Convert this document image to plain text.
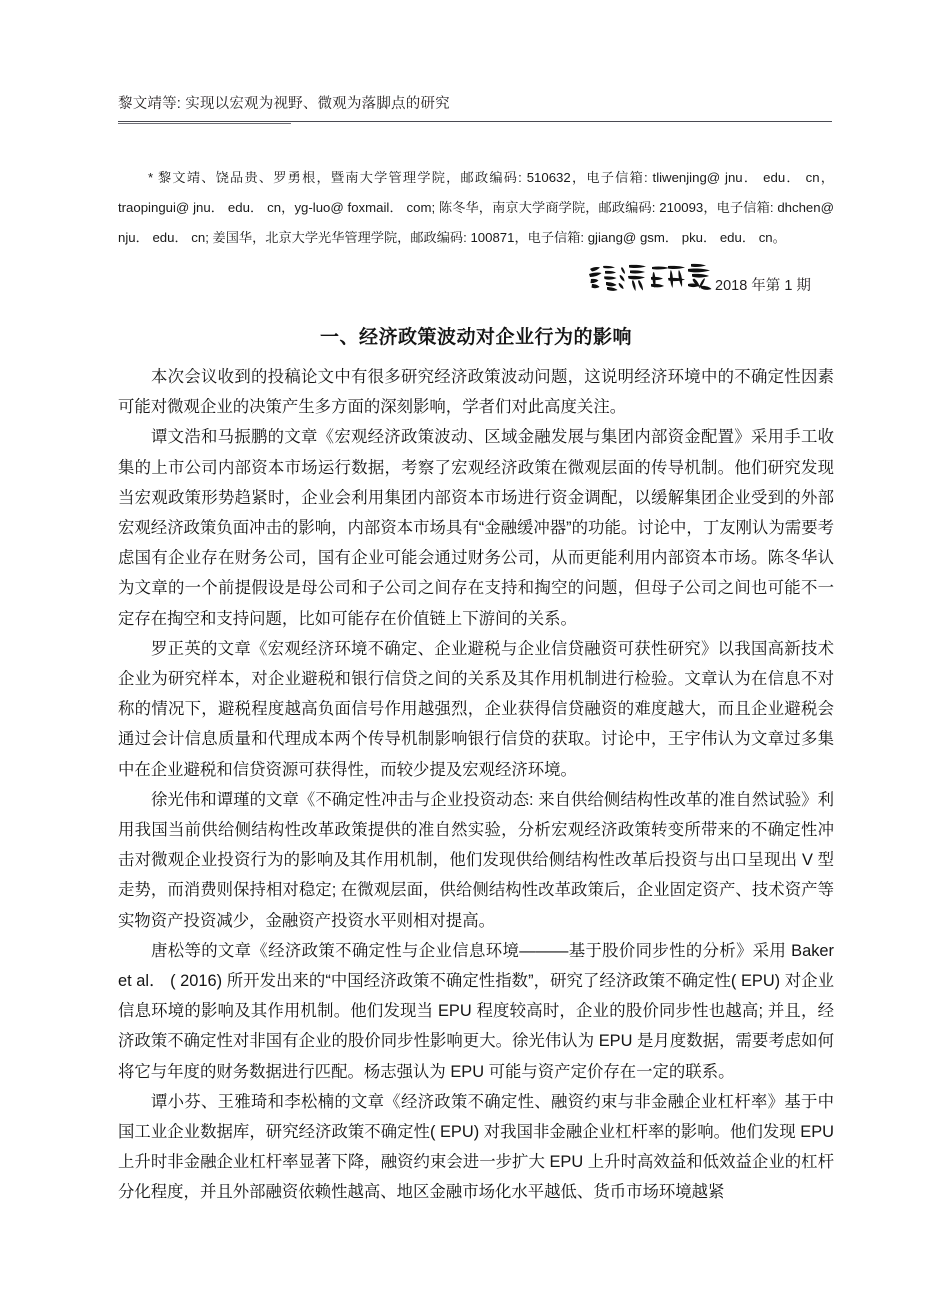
黎文靖等: 实现以宏观为视野、微观为落脚点的研究

* 黎文靖、饶品贵、罗勇根，暨南大学管理学院，邮政编码: 510632，电子信箱: tliwenjing@ jnu． edu． cn，traopingui@ jnu． edu． cn，yg-luo@ foxmail． com; 陈冬华，南京大学商学院，邮政编码: 210093，电子信箱: dhchen@ nju． edu． cn; 姜国华，北京大学光华管理学院，邮政编码: 100871，电子信箱: gjiang@ gsm． pku． edu． cn。

2018 年第 1 期
一、经济政策波动对企业行为的影响

本次会议收到的投稿论文中有很多研究经济政策波动问题，这说明经济环境中的不确定性因素可能对微观企业的决策产生多方面的深刻影响，学者们对此高度关注。

谭文浩和马振鹏的文章《宏观经济政策波动、区域金融发展与集团内部资金配置》采用手工收集的上市公司内部资本市场运行数据，考察了宏观经济政策在微观层面的传导机制。他们研究发现当宏观政策形势趋紧时，企业会利用集团内部资本市场进行资金调配，以缓解集团企业受到的外部宏观经济政策负面冲击的影响，内部资本市场具有“金融缓冲器”的功能。讨论中，丁友刚认为需要考虑国有企业存在财务公司，国有企业可能会通过财务公司，从而更能利用内部资本市场。陈冬华认为文章的一个前提假设是母公司和子公司之间存在支持和掏空的问题，但母子公司之间也可能不一定存在掏空和支持问题，比如可能存在价值链上下游间的关系。

罗正英的文章《宏观经济环境不确定、企业避税与企业信贷融资可获性研究》以我国高新技术企业为研究样本，对企业避税和银行信贷之间的关系及其作用机制进行检验。文章认为在信息不对称的情况下，避税程度越高负面信号作用越强烈，企业获得信贷融资的难度越大，而且企业避税会通过会计信息质量和代理成本两个传导机制影响银行信贷的获取。讨论中，王宇伟认为文章过多集中在企业避税和信贷资源可获得性，而较少提及宏观经济环境。

徐光伟和谭瑾的文章《不确定性冲击与企业投资动态: 来自供给侧结构性改革的准自然试验》利用我国当前供给侧结构性改革政策提供的准自然实验，分析宏观经济政策转变所带来的不确定性冲击对微观企业投资行为的影响及其作用机制，他们发现供给侧结构性改革后投资与出口呈现出 V 型走势，而消费则保持相对稳定; 在微观层面，供给侧结构性改革政策后，企业固定资产、技术资产等实物资产投资减少，金融资产投资水平则相对提高。

唐松等的文章《经济政策不确定性与企业信息环境———基于股价同步性的分析》采用 Baker et al． ( 2016) 所开发出来的“中国经济政策不确定性指数”，研究了经济政策不确定性( EPU) 对企业信息环境的影响及其作用机制。他们发现当 EPU 程度较高时，企业的股价同步性也越高; 并且，经济政策不确定性对非国有企业的股价同步性影响更大。徐光伟认为 EPU 是月度数据，需要考虑如何将它与年度的财务数据进行匹配。杨志强认为 EPU 可能与资产定价存在一定的联系。

谭小芬、王雅琦和李松楠的文章《经济政策不确定性、融资约束与非金融企业杠杆率》基于中国工业企业数据库，研究经济政策不确定性( EPU) 对我国非金融企业杠杆率的影响。他们发现 EPU 上升时非金融企业杠杆率显著下降，融资约束会进一步扩大 EPU 上升时高效益和低效益企业的杠杆分化程度，并且外部融资依赖性越高、地区金融市场化水平越低、货币市场环境越紧
